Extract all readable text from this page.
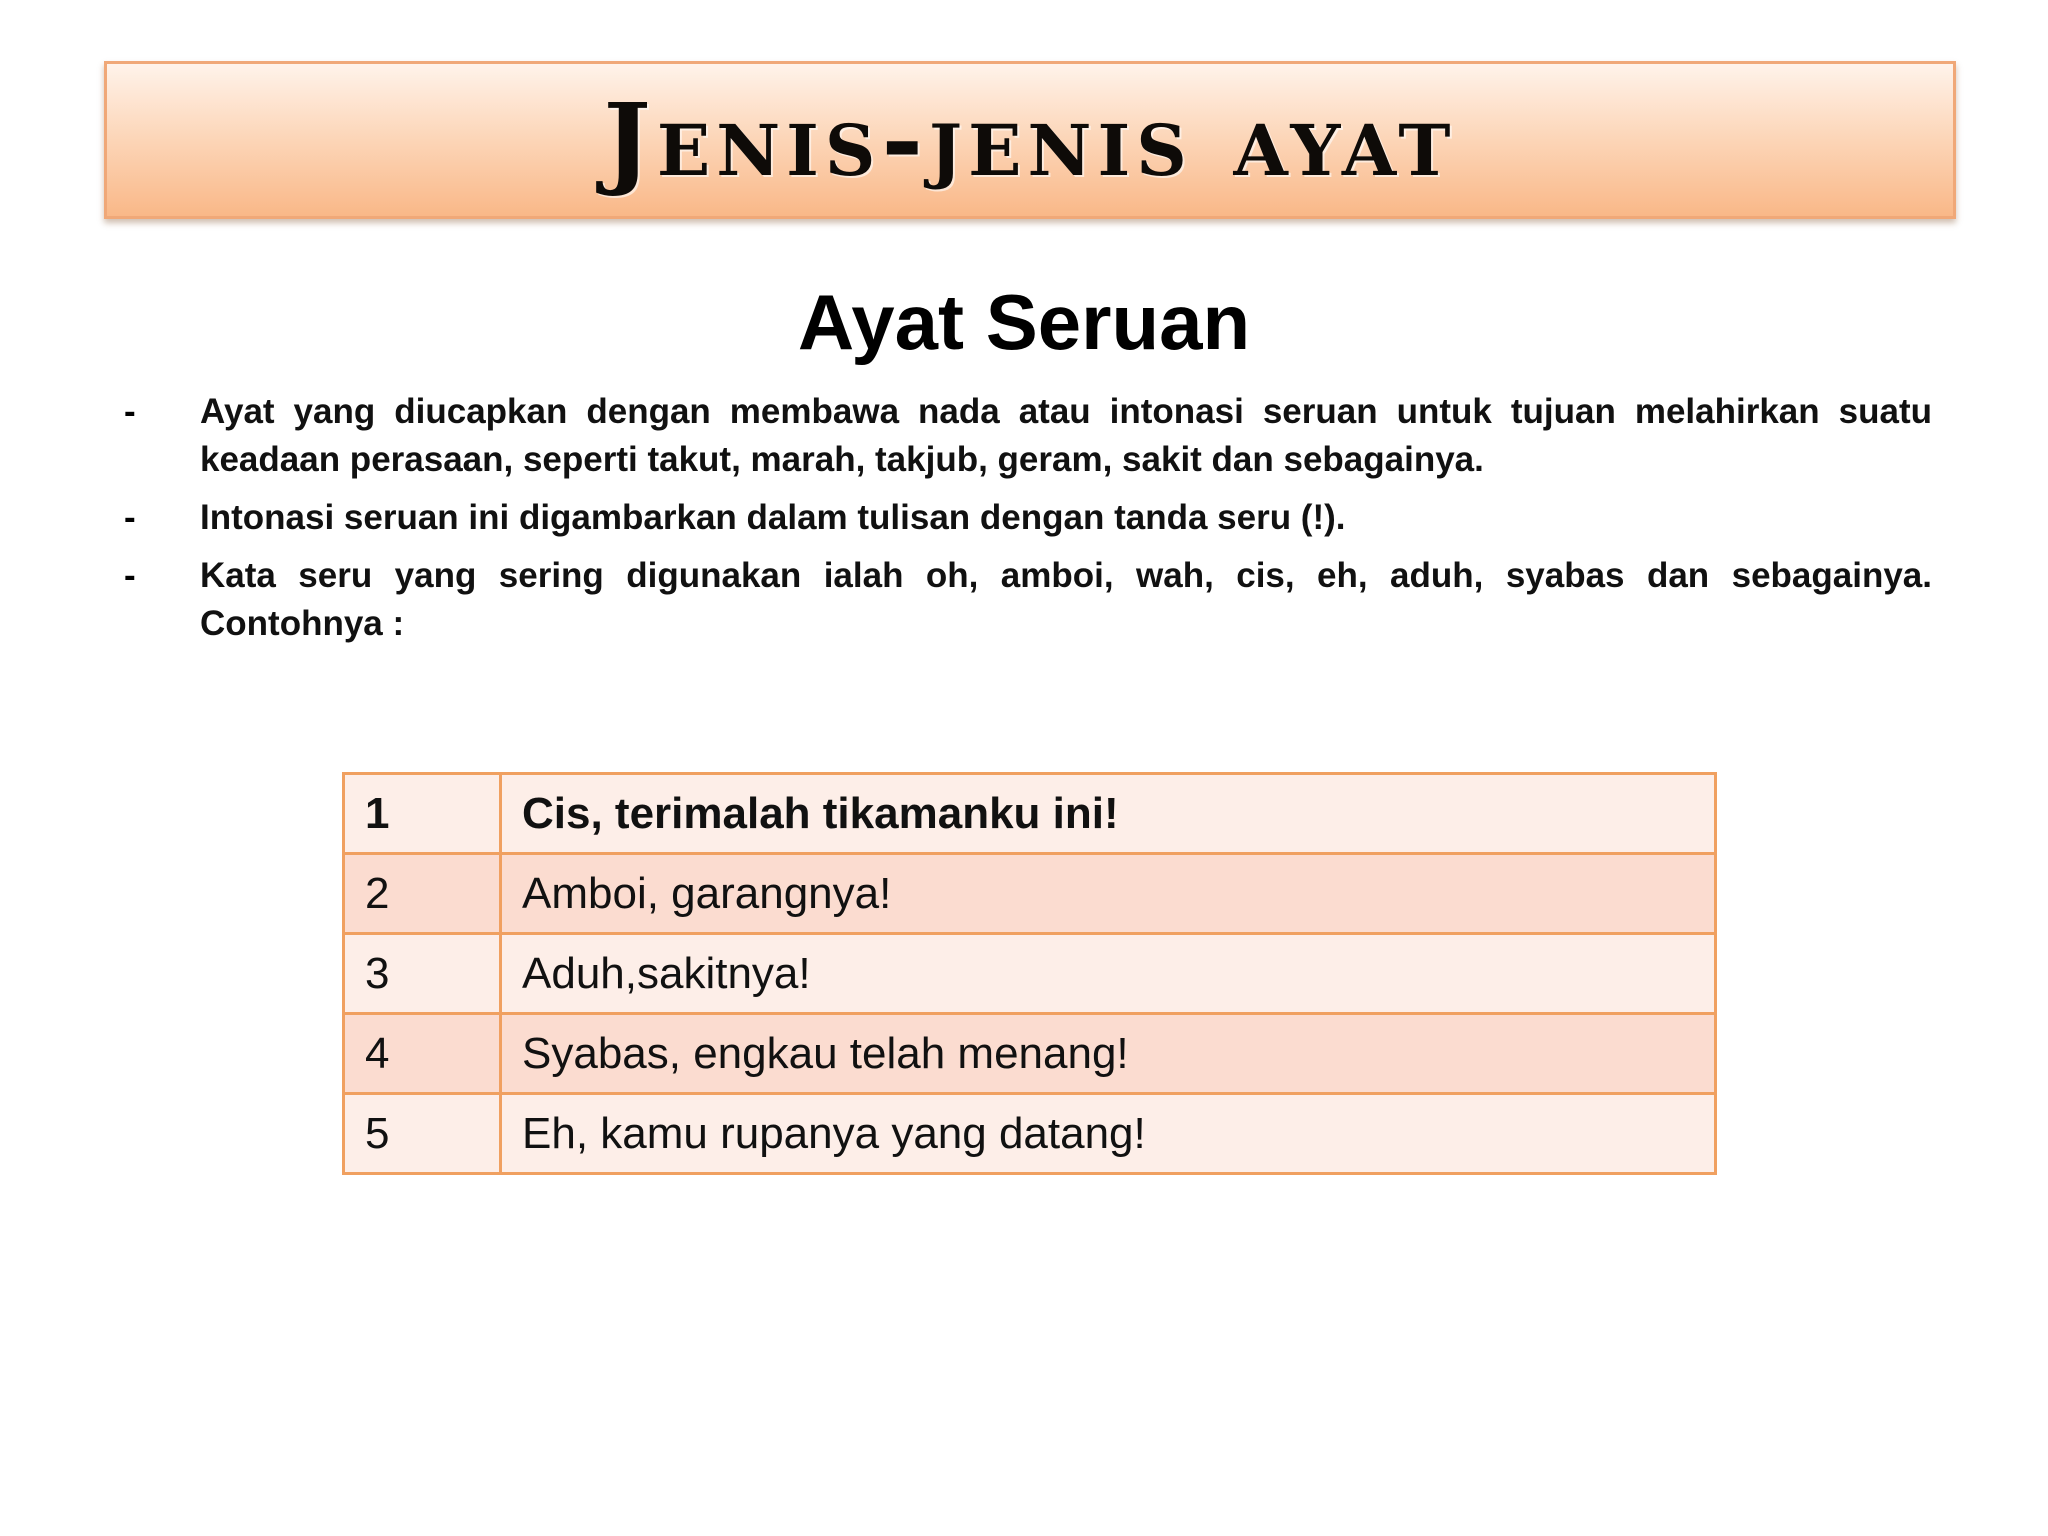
Jenis-jenis ayat
Ayat Seruan
-	Ayat yang diucapkan dengan membawa nada atau intonasi seruan untuk tujuan melahirkan suatu keadaan perasaan, seperti takut, marah, takjub, geram, sakit dan sebagainya.
-	Intonasi seruan ini digambarkan dalam tulisan dengan tanda seru (!).
-	Kata seru yang sering digunakan ialah oh, amboi, wah, cis, eh, aduh, syabas dan sebagainya. Contohnya :
1	Cis, terimalah tikamanku ini!
2	Amboi, garangnya!
3	Aduh,sakitnya!
4	Syabas, engkau telah menang!
5	Eh, kamu rupanya yang datang!
